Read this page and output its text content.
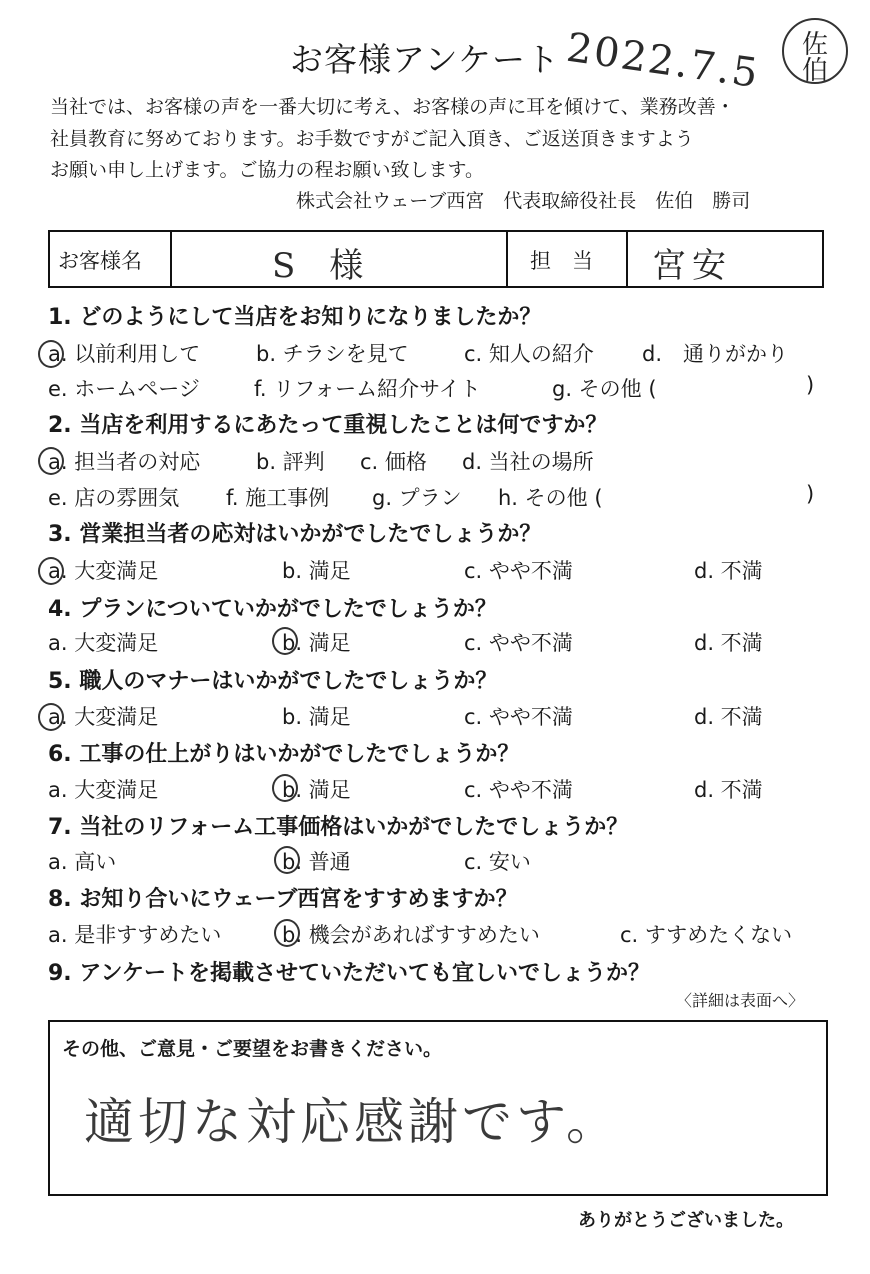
お客様アンケート 2022.7.5 佐
伯
当社では、お客様の声を一番大切に考え、お客様の声に耳を傾けて、業務改善・
社員教育に努めております。お手数ですがご記入頂き、ご返送頂きますよう
お願い申し上げます。ご協力の程お願い致します。
株式会社ウェーブ西宮　代表取締役社長　佐伯　勝司
お客様名	S　様	担　当 宮安
1. どのようにして当店をお知りになりましたか？
a. 以前利用して	b. チラシを見て	c. 知人の紹介 d.　通りがかり
e. ホームページ	f. リフォーム紹介サイト	g. その他 (	)
2. 当店を利用するにあたって重視したことは何ですか？
a. 担当者の対応	b. 評判 c. 価格 d. 当社の場所
e. 店の雰囲気 f. 施工事例 g. プラン h. その他 (	)
3. 営業担当者の応対はいかがでしたでしょうか？
a. 大変満足	b. 満足	c. やや不満	d. 不満
4. プランについていかがでしたでしょうか？
a. 大変満足	b. 満足	c. やや不満	d. 不満
5. 職人のマナーはいかがでしたでしょうか？
a. 大変満足	b. 満足	c. やや不満	d. 不満
6. 工事の仕上がりはいかがでしたでしょうか？
a. 大変満足	b. 満足	c. やや不満	d. 不満
7. 当社のリフォーム工事価格はいかがでしたでしょうか？
a. 高い	b. 普通	c. 安い
8. お知り合いにウェーブ西宮をすすめますか？
a. 是非すすめたい	b. 機会があればすすめたい	c. すすめたくない
9. アンケートを掲載させていただいても宜しいでしょうか？
〈詳細は表面へ〉
その他、ご意見・ご要望をお書きください。
適切な対応感謝です。
ありがとうございました。
